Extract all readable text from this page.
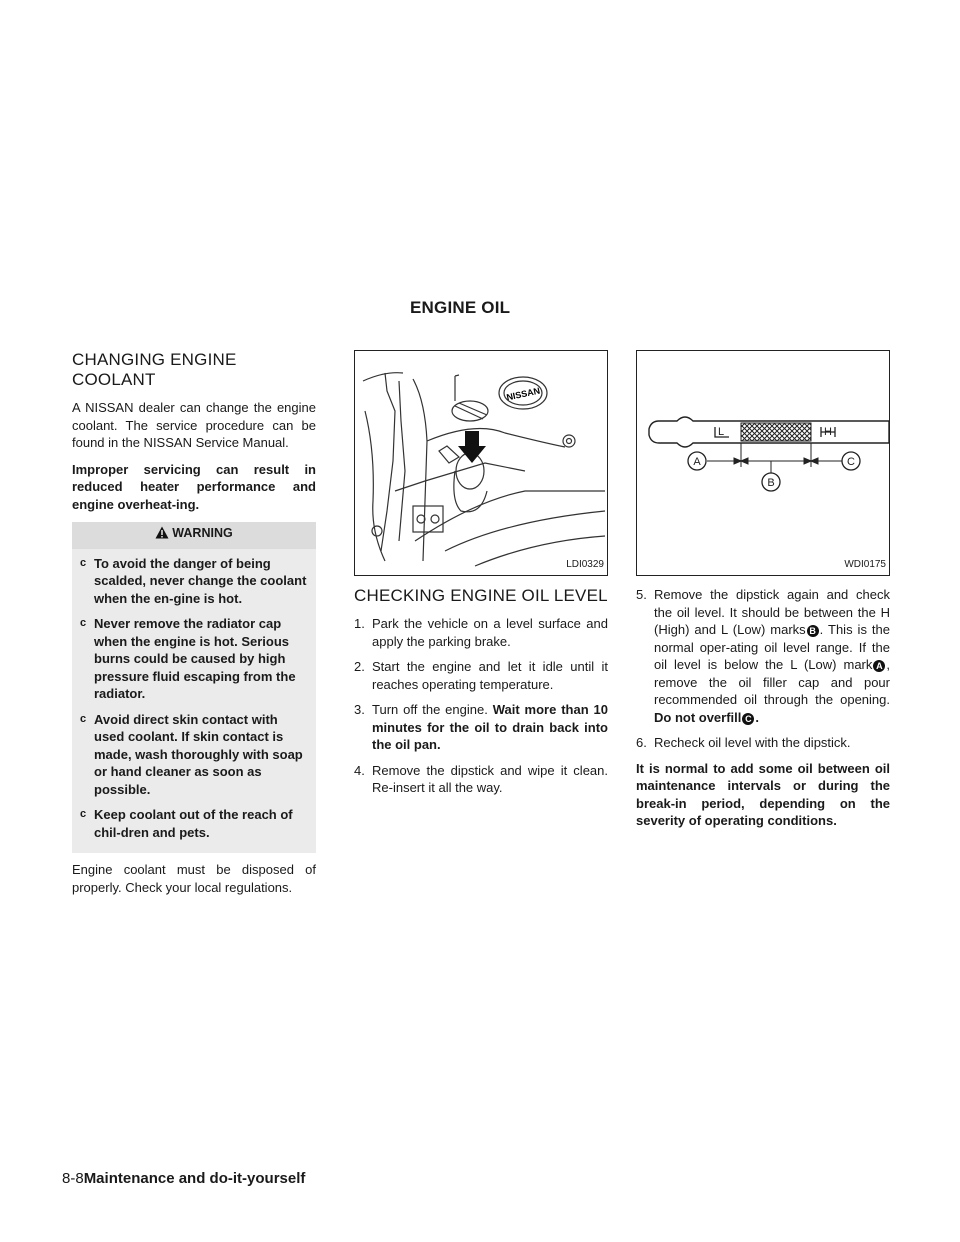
ENGINE OIL
CHANGING ENGINE COOLANT

A NISSAN dealer can change the engine coolant. The service procedure can be found in the NISSAN Service Manual.

Improper servicing can result in reduced heater performance and engine overheat-ing.

WARNING
c To avoid the danger of being scalded, never change the coolant when the en-gine is hot.
c Never remove the radiator cap when the engine is hot. Serious burns could be caused by high pressure fluid escaping from the radiator.
c Avoid direct skin contact with used coolant. If skin contact is made, wash thoroughly with soap or hand cleaner as soon as possible.
c Keep coolant out of the reach of chil-dren and pets.

Engine coolant must be disposed of properly. Check your local regulations.

NISSAN
LDI0329
CHECKING ENGINE OIL LEVEL
1. Park the vehicle on a level surface and apply the parking brake.
2. Start the engine and let it idle until it reaches operating temperature.
3. Turn off the engine. Wait more than 10 minutes for the oil to drain back into the oil pan.
4. Remove the dipstick and wipe it clean. Re-insert it all the way.
L	H
A
B
C
WDI0175
5. Remove the dipstick again and check the oil level. It should be between the H (High) and L (Low) marks B . This is the normal oper-ating oil level range. If the oil level is below the L (Low) mark A , remove the oil filler cap and pour recommended oil through the opening. Do not overfill C .
6. Recheck oil level with the dipstick.

It is normal to add some oil between oil maintenance intervals or during the break-in period, depending on the severity of operating conditions.

8-8Maintenance and do-it-yourself
